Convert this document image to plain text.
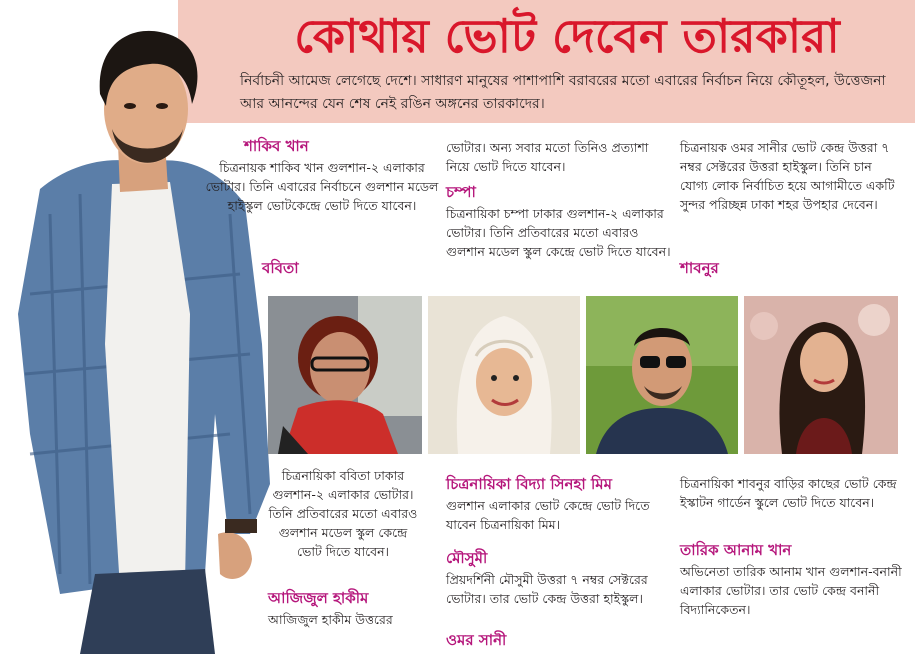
কোথায় ভোট দেবেন তারকারা

নির্বাচনী আমেজ লেগেছে দেশে। সাধারণ মানুষের পাশাপাশি বরাবরের মতো এবারের নির্বাচন নিয়ে কৌতূহল, উত্তেজনা আর আনন্দের যেন শেষ নেই রঙিন অঙ্গনের তারকাদের।

শাকিব খান

চিত্রনায়ক শাকিব খান গুলশান-২ এলাকার ভোটার। তিনি এবারের নির্বাচনে গুলশান মডেল হাইস্কুল ভোটকেন্দ্রে ভোট দিতে যাবেন।

ববিতা

ভোটার। অন্য সবার মতো তিনিও প্রত্যাশা নিয়ে ভোট দিতে যাবেন।

চম্পা

চিত্রনায়িকা চম্পা ঢাকার গুলশান-২ এলাকার ভোটার। তিনি প্রতিবারের মতো এবারও গুলশান মডেল স্কুল কেন্দ্রে ভোট দিতে যাবেন।

চিত্রনায়ক ওমর সানীর ভোট কেন্দ্র উত্তরা ৭ নম্বর সেক্টরের উত্তরা হাইস্কুল। তিনি চান যোগ্য লোক নির্বাচিত হয়ে আগামীতে একটি সুন্দর পরিচ্ছন্ন ঢাকা শহর উপহার দেবেন।

শাবনুর

চিত্রনায়িকা ববিতা ঢাকার গুলশান-২ এলাকার ভোটার। তিনি প্রতিবারের মতো এবারও গুলশান মডেল স্কুল কেন্দ্রে ভোট দিতে যাবেন।

আজিজুল হাকীম

আজিজুল হাকীম উত্তরের

চিত্রনায়িকা বিদ্যা সিনহা মিম

গুলশান এলাকার ভোট কেন্দ্রে ভোট দিতে যাবেন চিত্রনায়িকা মিম।

মৌসুমী

প্রিয়দর্শিনী মৌসুমী উত্তরা ৭ নম্বর সেক্টরের ভোটার। তার ভোট কেন্দ্র উত্তরা হাইস্কুল।

ওমর সানী

চিত্রনায়িকা শাবনুর বাড়ির কাছের ভোট কেন্দ্র ইস্কাটন গার্ডেন স্কুলে ভোট দিতে যাবেন।

তারিক আনাম খান

অভিনেতা তারিক আনাম খান গুলশান-বনানী এলাকার ভোটার। তার ভোট কেন্দ্র বনানী বিদ্যানিকেতন।
